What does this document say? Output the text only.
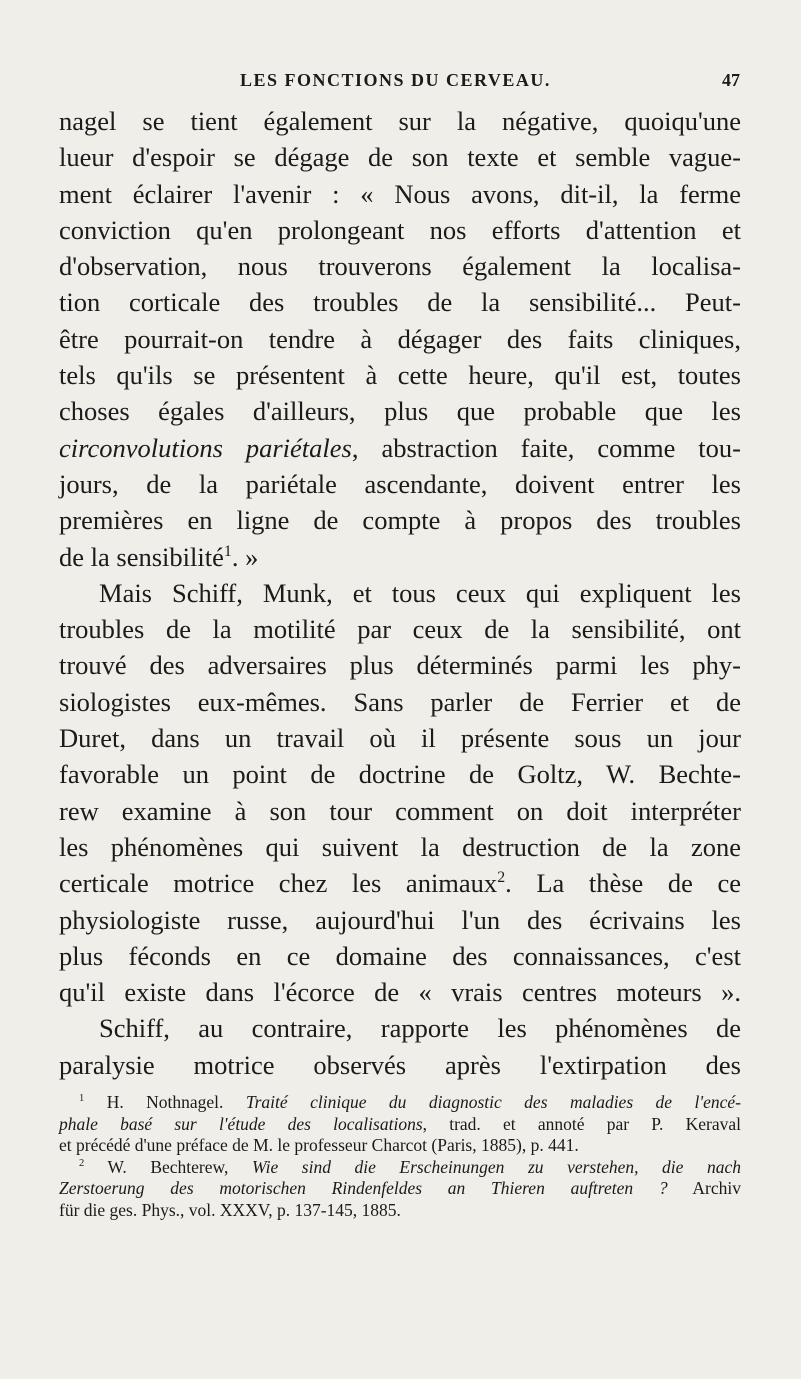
LES FONCTIONS DU CERVEAU.	47
nagel se tient également sur la négative, quoiqu'une
lueur d'espoir se dégage de son texte et semble vague-
ment éclairer l'avenir : « Nous avons, dit-il, la ferme
conviction qu'en prolongeant nos efforts d'attention et
d'observation, nous trouverons également la localisa-
tion corticale des troubles de la sensibilité... Peut-
être pourrait-on tendre à dégager des faits cliniques,
tels qu'ils se présentent à cette heure, qu'il est, toutes
choses égales d'ailleurs, plus que probable que les
circonvolutions pariétales, abstraction faite, comme tou-
jours, de la pariétale ascendante, doivent entrer les
premières en ligne de compte à propos des troubles
de la sensibilité$^1$. »
Mais Schiff, Munk, et tous ceux qui expliquent les
troubles de la motilité par ceux de la sensibilité, ont
trouvé des adversaires plus déterminés parmi les phy-
siologistes eux-mêmes. Sans parler de Ferrier et de
Duret, dans un travail où il présente sous un jour
favorable un point de doctrine de Goltz, W. Bechte-
rew examine à son tour comment on doit interpréter
les phénomènes qui suivent la destruction de la zone
certicale motrice chez les animaux$^2$. La thèse de ce
physiologiste russe, aujourd'hui l'un des écrivains les
plus féconds en ce domaine des connaissances, c'est
qu'il existe dans l'écorce de « vrais centres moteurs ».
Schiff, au contraire, rapporte les phénomènes de
paralysie motrice observés après l'extirpation des
$^1$ H. Nothnagel. Traité clinique du diagnostic des maladies de l'encé-
phale basé sur l'étude des localisations, trad. et annoté par P. Keraval
et précédé d'une préface de M. le professeur Charcot (Paris, 1885), p. 441.
$^2$ W. Bechterew, Wie sind die Erscheinungen zu verstehen, die nach
Zerstoerung des motorischen Rindenfeldes an Thieren auftreten ? Archiv
für die ges. Phys., vol. XXXV, p. 137-145, 1885.
